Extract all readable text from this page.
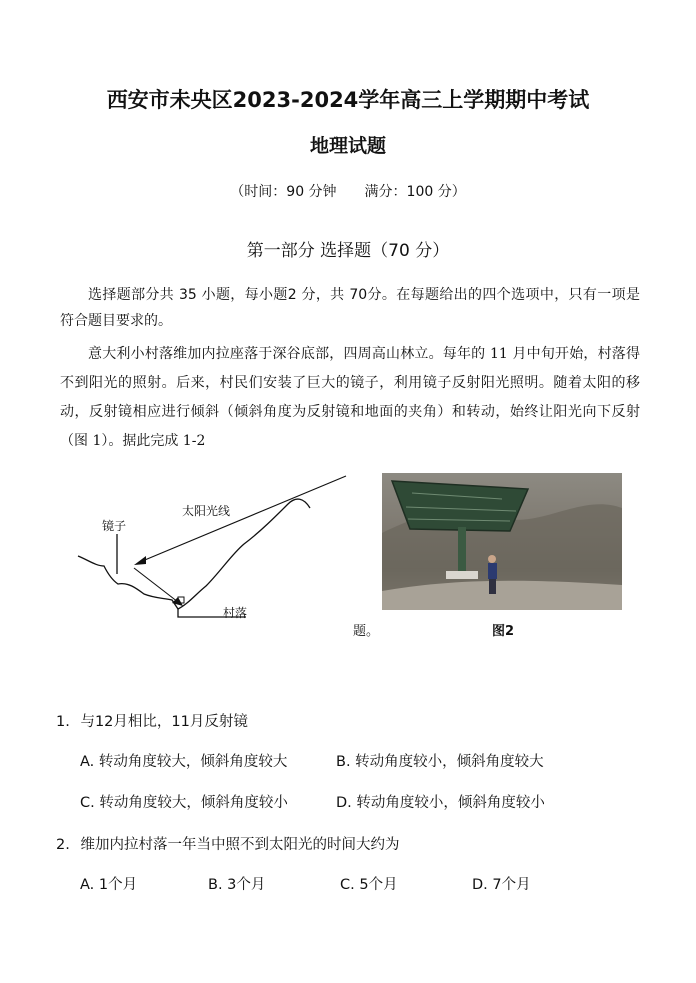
西安市未央区2023-2024学年高三上学期期中考试
地理试题
（时间：90 分钟　　满分：100 分）
第一部分 选择题（70 分）
选择题部分共 35 小题，每小题2 分，共 70分。在每题给出的四个选项中，只有一项是符合题目要求的。
意大利小村落维加内拉座落于深谷底部，四周高山林立。每年的 11 月中旬开始，村落得不到阳光的照射。后来，村民们安装了巨大的镜子，利用镜子反射阳光照明。随着太阳的移动，反射镜相应进行倾斜（倾斜角度为反射镜和地面的夹角）和转动，始终让阳光向下反射（图 1）。据此完成 1-2
太阳光线
镜子
村落
题。	图2
1. 与12月相比，11月反射镜
A. 转动角度较大，倾斜角度较大	B. 转动角度较小，倾斜角度较大
C. 转动角度较大，倾斜角度较小	D. 转动角度较小，倾斜角度较小
2. 维加内拉村落一年当中照不到太阳光的时间大约为
A. 1个月	B. 3个月	C. 5个月	D. 7个月
